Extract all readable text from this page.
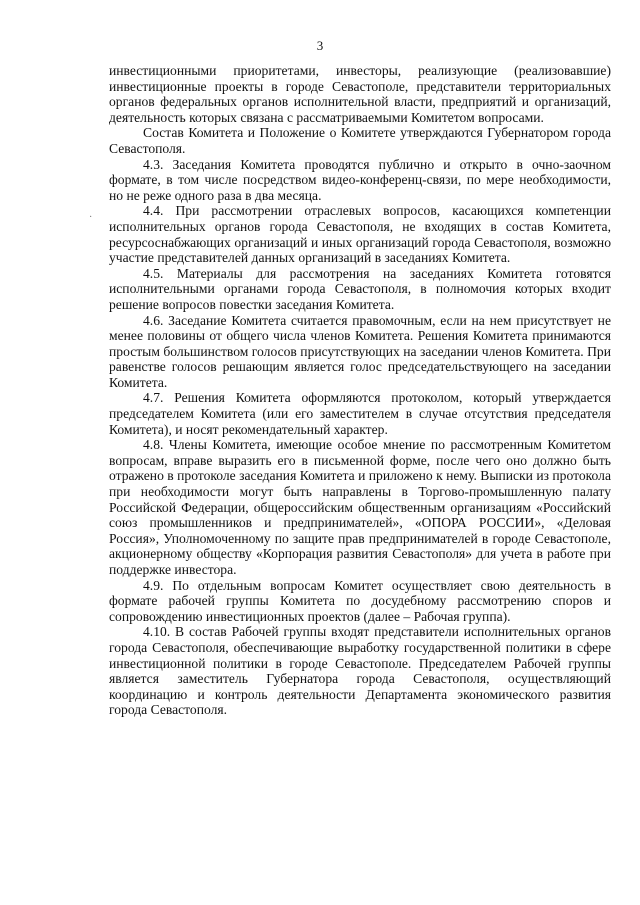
3
·

инвестиционными приоритетами, инвесторы, реализующие (реализовавшие) инвестиционные проекты в городе Севастополе, представители территориальных органов федеральных органов исполнительной власти, предприятий и организаций, деятельность которых связана с рассматриваемыми Комитетом вопросами.

Состав Комитета и Положение о Комитете утверждаются Губернатором города Севастополя.

4.3. Заседания Комитета проводятся публично и открыто в очно-заочном формате, в том числе посредством видео-конференц-связи, по мере необходимости, но не реже одного раза в два месяца.

4.4. При рассмотрении отраслевых вопросов, касающихся компетенции исполнительных органов города Севастополя, не входящих в состав Комитета, ресурсоснабжающих организаций и иных организаций города Севастополя, возможно участие представителей данных организаций в заседаниях Комитета.

4.5. Материалы для рассмотрения на заседаниях Комитета готовятся исполнительными органами города Севастополя, в полномочия которых входит решение вопросов повестки заседания Комитета.

4.6. Заседание Комитета считается правомочным, если на нем присутствует не менее половины от общего числа членов Комитета. Решения Комитета принимаются простым большинством голосов присутствующих на заседании членов Комитета. При равенстве голосов решающим является голос председательствующего на заседании Комитета.

4.7. Решения Комитета оформляются протоколом, который утверждается председателем Комитета (или его заместителем в случае отсутствия председателя Комитета), и носят рекомендательный характер.

4.8. Члены Комитета, имеющие особое мнение по рассмотренным Комитетом вопросам, вправе выразить его в письменной форме, после чего оно должно быть отражено в протоколе заседания Комитета и приложено к нему. Выписки из протокола при необходимости могут быть направлены в Торгово-промышленную палату Российской Федерации, общероссийским общественным организациям «Российский союз промышленников и предпринимателей», «ОПОРА РОССИИ», «Деловая Россия», Уполномоченному по защите прав предпринимателей в городе Севастополе, акционерному обществу «Корпорация развития Севастополя» для учета в работе при поддержке инвестора.

4.9. По отдельным вопросам Комитет осуществляет свою деятельность в формате рабочей группы Комитета по досудебному рассмотрению споров и сопровождению инвестиционных проектов (далее – Рабочая группа).

4.10. В состав Рабочей группы входят представители исполнительных органов города Севастополя, обеспечивающие выработку государственной политики в сфере инвестиционной политики в городе Севастополе. Председателем Рабочей группы является заместитель Губернатора города Севастополя, осуществляющий координацию и контроль деятельности Департамента экономического развития города Севастополя.
